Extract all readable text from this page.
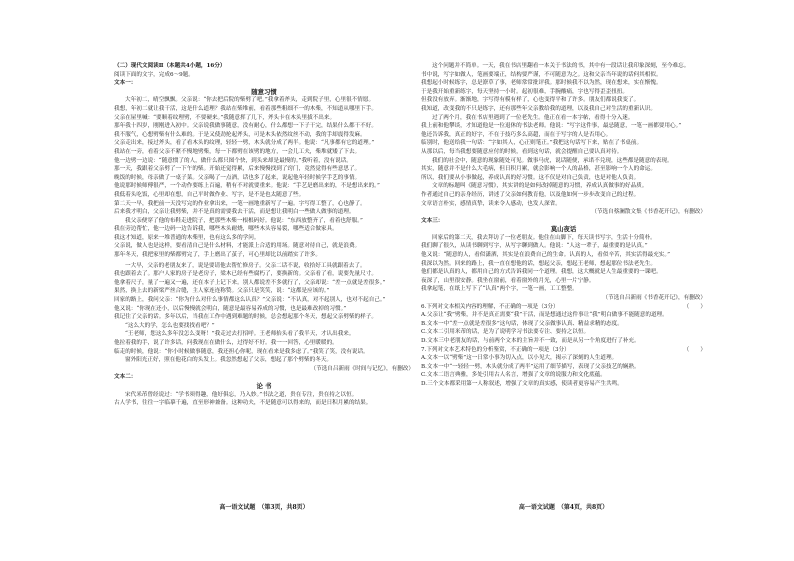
（二）现代文阅读Ⅱ（本题共4小题，16分）
阅读下面的文字，完成6～9题。
文本一：
随意习惯
大年初二，晴空飘飘。父亲说：“你去把后院的柴劈了吧。”我拿着斧头，走到院子里，心里很不情愿。
我想，年初二就让我干活，这是什么道理？我站在柴堆前，看着那些粗细不一的木柴，不知道从哪里下手。
父亲在屋里喊：“要顺着纹理劈，不要硬来。”我随意挥了几下，斧头卡在木头里拔不出来。
那年我十四岁，刚刚进入初中。父亲说我做事随意，没有耐心，什么都想一下子干完，结果什么都干不好。
我不服气，心想劈柴有什么难的。于是又使劲抡起斧头，可是木头依然纹丝不动，我的手却震得发麻。
父亲走出来，接过斧头，看了看木头的纹理，轻轻一劈，木头就分成了两半。他说：“凡事都有它的道理。”
我站在一旁，看着父亲不紧不慢地劈柴，每一下都劈在该劈的地方，一会儿工夫，柴堆就矮了下去。
他一边劈一边说：“随意惯了的人，做什么都只图个快，到头来却是最慢的。”我听着，没有说话。
那一天，我跟着父亲劈了一下午的柴。开始还觉得累，后来慢慢找到了窍门，竟然觉得有些意思了。
晚饭的时候，母亲做了一桌子菜。父亲喝了一点酒，话也多了起来，说起他年轻时候学手艺的事情。
他说那时候师傅很严，一个动作要练上百遍，稍有不对就要重来。他说：“手艺是磨出来的，不是想出来的。”
我低着头吃饭，心里却在想，自己平时做作业、写字，是不是也太随意了些。
第二天一早，我把前一天没写完的作业拿出来，一笔一画地重新写了一遍。字写得工整了，心也静了。
后来我才明白，父亲让我劈柴，并不是真的需要我去干活，而是想让我明白一些做人做事的道理。
我父亲便穿了他的布鞋走进院子，把那些木柴一根根码好。他说：“东西放整齐了，看着也舒服。”
我在旁边帮忙，他一边码一边告诉我，哪些木头耐烧，哪些木头容易裂，哪些适合做家具。
我这才知道，原来一堆普通的木柴里，也有这么多的学问。
父亲说，做人也是这样，要看清自己是什么材料，才能派上合适的用场。随意对待自己，就是浪费。
那年冬天，我把家里的柴都劈完了，手上磨出了茧子，可心里却比以前踏实了许多。
一大早，父亲的老朋友来了，说是要请他去帮忙修房子。父亲二话不说，收拾好工具就跟着去了。
我也跟着去了。那户人家的房子是老房子，梁木已经有些腐朽了，要换新的。父亲看了看，说要先量尺寸。
他拿着尺子，量了一遍又一遍，还在本子上记下来。别人都说差不多就行了，父亲却说：“差一点就是差很多。”
果然，换上去的新梁严丝合缝，主人家连连称赞。父亲只是笑笑，说：“这都是应该的。”
回家的路上，我问父亲：“你为什么对什么事情都这么认真？”父亲说：“不认真，对不起别人，也对不起自己。”
他又说：“你现在还小，以后慢慢就会明白，随意是最容易养成的习惯，也是最难改掉的习惯。”
我记住了父亲的话。多年以后，当我在工作中遇到难题的时候，总会想起那个冬天，想起父亲劈柴的样子。
“这么大的学，怎么也要找找看吧？”
“王老师，您这么多年没怎么变呀！”我走过去打招呼。王老师抬头看了我半天，才认出我来。
他拉着我的手，说了许多话，问我现在在做什么，过得好不好。我一一回答，心里暖暖的。
临走的时候，他说：“你小时候做事随意，我还担心你呢，现在看来是我多虑了。”我笑了笑，没有说话。
窗外阳光正好，照在他花白的头发上。我忽然想起了父亲，想起了那个劈柴的冬天。
（节选自吕新雨《时间与记忆》，有删改）
文本二：
论 书
宋代米芾曾经说过：“学书须得趣，他好俱忘，乃入妙。”书法之道，贵在专注，贵在持之以恒。
古人学书，往往一字临摹千遍，直至形神兼备。这种功夫，不是随意可以得来的，而是日积月累的结果。
这个问题并不简单。一天，我在书店里翻看一本关于书法的书，其中有一段话让我印象深刻，至今难忘。
书中说，写字如做人，笔画要端正，结构要严谨，不可随意为之。这和父亲当年说的话何其相似。
我想起小时候练字，总是潦草了事，老师常常批评我。那时候我不以为然，现在想来，实在惭愧。
于是我开始重新练字，每天坚持一小时。起初很难，手腕酸痛，字也写得歪歪扭扭。
但我没有放弃。渐渐地，字写得有模有样了，心也变得平和了许多。朋友们都说我变了。
我知道，改变我的不只是练字，还有那些年父亲教给我的道理，以及我自己对生活的重新认识。
过了两个月，我在书店里遇到了一位老先生。他正在看一本字帖，看得十分入迷。
我上前和他攀谈，才知道他是一位退休的书法老师。他说：“写字这件事，最忌随意，一笔一画都要用心。”
他还告诉我，真正的好字，不在于技巧多么高超，而在于写字的人是否用心。
临别时，他送给我一句话：“字如其人，心正则笔正。”我把这句话写下来，贴在了书桌前。
从那以后，每当我想要随意应付的时候，看到这句话，就会提醒自己要认真对待。
我们的社会中，随意的现象随处可见。做事马虎，说话随便，承诺不兑现，这些都是随意的表现。
其实，随意并不是什么大毛病，但日积月累，就会影响一个人的品格，甚至影响一个人的命运。
所以，我们要从小事做起，养成认真的好习惯。这不仅是对自己负责，也是对他人负责。
文章的标题叫《随意习惯》，其实讲的是如何改掉随意的习惯，养成认真做事的好品质。
作者通过自己的亲身经历，讲述了父亲如何教育他，以及他如何一步步改变自己的过程。
文章语言朴实，感情真挚，读来令人感动，也发人深省。
（节选自蔡澜散文集《书香花开记》，有删改）
文本三：
莫山夜话
回家后的第二天，我去拜访了一位老朋友。他住在山脚下，每天读书写字，生活十分简朴。
我们聊了很久，从读书聊到写字，从写字聊到做人。他说：“人这一辈子，最重要的是认真。”
他又说：“随意的人，看似潇洒，其实是在浪费自己的生命。认真的人，看似辛苦，其实活得最充实。”
我深以为然。回来的路上，我一直在想他的话，想起父亲，想起王老师，想起那位书法老先生。
他们都是认真的人，都用自己的方式告诉我同一个道理。我想，这大概就是人生最重要的一课吧。
夜深了，山里很安静。我坐在窗前，看着窗外的月光，心里一片宁静。
我拿起笔，在纸上写下了“认真”两个字，一笔一画，工工整整。
（节选自吕新雨《书香花开记》，有删改）
6.下列对文本相关内容的理解，不正确的一项是（3分）	（　　）
A.父亲让“我”劈柴，并不是真正需要“我”干活，而是想通过这件事让“我”明白做事不能随意的道理。
B.文本一中“差一点就是差很多”这句话，体现了父亲做事认真、精益求精的态度。
C.文本二引用米芾的话，是为了说明学习书法要专注、要持之以恒。
D.文本三中老朋友的话，与前两个文本的主旨并不一致，而是从另一个角度进行了补充。
7.下列对文本艺术特色的分析鉴赏，不正确的一项是（3分）	（　　）
A.文本一以“劈柴”这一日常小事为切入点，以小见大，揭示了深刻的人生道理。
B.文本一中“一轻轻一劈，木头就分成了两半”运用了细节描写，表现了父亲技艺的娴熟。
C.文本二语言典雅，多处引用古人名言，增强了文章的说服力和文化底蕴。
D.三个文本都采用第一人称叙述，增强了文章的真实感，使读者更容易产生共鸣。
高一语文试题　（第3页，共8页）	高一语文试题　（第4页，共8页）
